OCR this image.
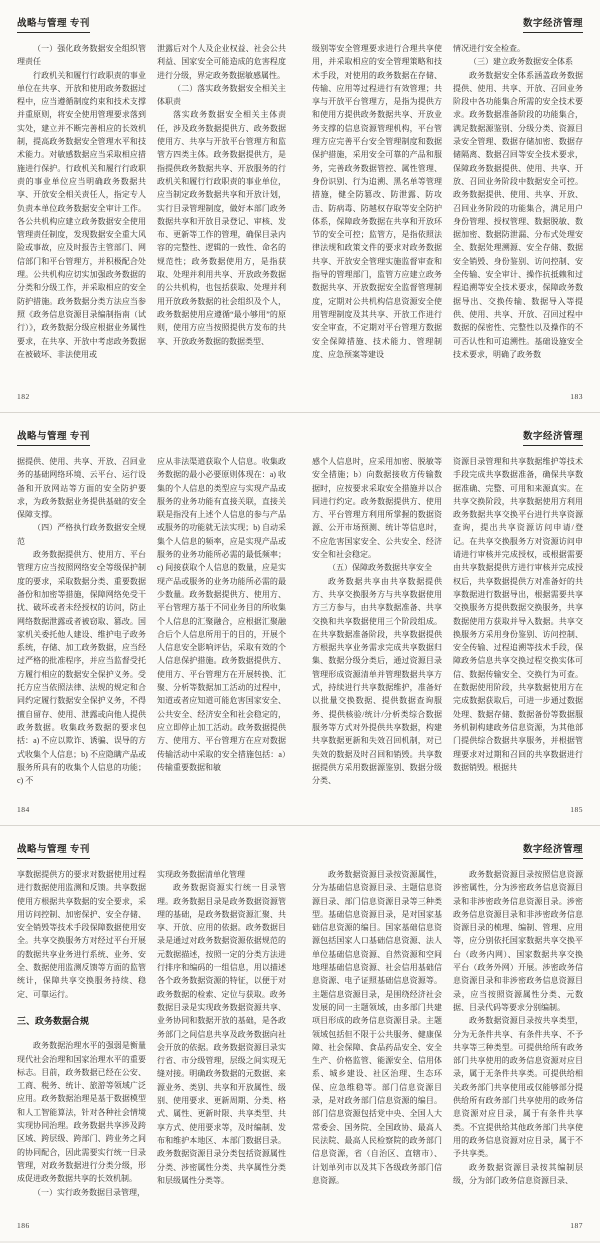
战略与管理 专刊

（一）强化政务数据安全组织管理责任

行政机关和履行行政职责的事业单位在共享、开放和使用政务数据过程中，应当遵循制度约束和技术支撑并重原则，将安全使用管理要求落到实处，建立并不断完善相应的长效机制，提高政务数据安全管理水平和技术能力。对敏感数据应当采取相应措施进行保护。行政机关和履行行政职责的事业单位应当明确政务数据共享、开放安全相关责任人，指定专人负责本单位政务数据安全审计工作。各公共机构应建立政务数据安全使用管理责任制度，发现数据安全重大风险或事故，应及时报告主管部门、网信部门和平台管理方，并积极配合处理。公共机构应切实加强政务数据的分类和分级工作，并采取相应的安全防护措施。政务数据分类方法应当参照《政务信息资源目录编制指南（试行）》，政务数据分级应根据业务属性要求，在共享、开放中考虑政务数据在被破坏、非法使用或

泄露后对个人及企业权益、社会公共利益、国家安全可能造成的危害程度进行分级，界定政务数据敏感属性。

（二）落实政务数据安全相关主体职责

落实政务数据安全相关主体责任，涉及政务数据提供方、政务数据使用方、共享与开放平台管理方和监管方四类主体。政务数据提供方，是指提供政务数据共享、开放服务的行政机关和履行行政职责的事业单位，应当制定政务数据共享和开放计划，实行目录管理制度，做好本部门政务数据共享和开放目录登记、审核、发布、更新等工作的管理，确保目录内容的完整性、逻辑的一致性、命名的规范性；政务数据使用方，是指获取、处理并利用共享、开放政务数据的公共机构，也包括获取、处理并利用开放政务数据的社会组织及个人，政务数据使用应遵循“最小够用”的原则，使用方应当按照提供方发布的共享、开放政务数据的数据类型、

182
数字经济管理

级别等安全管理要求进行合理共享使用，并采取相应的安全管理策略和技术手段，对使用的政务数据在存储、传输、应用等过程进行有效管理；共享与开放平台管理方，是指为提供方和使用方提供政务数据共享、开放业务支撑的信息资源管理机构，平台管理方应完善平台安全管理制度和数据保护措施，采用安全可靠的产品和服务，完善政务数据管控、属性管理、身份识别、行为追溯、黑名单等管理措施，健全防篡改、防泄露、防攻击、防病毒、防越权存取等安全防护体系，保障政务数据在共享和开放环节的安全可控；监管方，是指依照法律法规和政策文件的要求对政务数据共享、开放安全管理实施监督审查和指导的管理部门，监管方应建立政务数据共享、开放数据安全监督管理制度，定期对公共机构信息资源安全使用管理制度及其共享、开放工作进行安全审查，不定期对平台管理方数据安全保障措施、技术能力、管理制度、应急预案等建设

情况进行安全检查。

（三）建立政务数据安全体系

政务数据安全体系涵盖政务数据提供、使用、共享、开放、召回业务阶段中各功能集合所需的安全技术要求。政务数据准备阶段的功能集合，满足数据源鉴别、分级分类、资源目录安全管理、数据存储加密、数据存储隔离、数据召回等安全技术要求，保障政务数据提供、使用、共享、开放、召回业务阶段中数据安全可控。政务数据提供、使用、共享、开放、召回业务阶段的功能集合，满足用户身份管理、授权管理、数据脱敏、数据加密、数据防泄漏、分布式处理安全、数据处理溯源、安全存储、数据安全销毁、身份鉴别、访问控制、安全传输、安全审计、操作抗抵赖和过程追溯等安全技术要求，保障政务数据导出、交换传输、数据导入等提供、使用、共享、开放、召回过程中数据的保密性、完整性以及操作的不可否认性和可追溯性。基础设施安全技术要求，明确了政务数

183
战略与管理 专刊

据提供、使用、共享、开放、召回业务的基础网络环境、云平台、运行设备和开放网站等方面的安全防护要求，为政务数据业务提供基础的安全保障支撑。

（四）严格执行政务数据安全规范

政务数据提供方、使用方、平台管理方应当按照网络安全等级保护制度的要求，采取数据分类、重要数据备份和加密等措施，保障网络免受干扰、破坏或者未经授权的访问，防止网络数据泄露或者被窃取、篡改。国家机关委托他人建设、维护电子政务系统，存储、加工政务数据，应当经过严格的批准程序，并应当监督受托方履行相应的数据安全保护义务。受托方应当依照法律、法规的规定和合同约定履行数据安全保护义务，不得擅自留存、使用、泄露或向他人提供政务数据。收集政务数据的要求包括：a) 不应以欺诈、诱骗、误导的方式收集个人信息；b) 不应隐瞒产品或服务所具有的收集个人信息的功能；c) 不

应从非法渠道获取个人信息。收集政务数据的最小必要原则体现在：a) 收集的个人信息的类型应与实现产品或服务的业务功能有直接关联，直接关联是指没有上述个人信息的参与产品或服务的功能就无法实现；b) 自动采集个人信息的频率，应是实现产品或服务的业务功能所必需的最低频率；c) 间接获取个人信息的数量，应是实现产品或服务的业务功能所必需的最少数量。政务数据提供方、使用方、平台管理方基于不同业务目的所收集个人信息的汇聚融合，应根据汇聚融合后个人信息所用于的目的，开展个人信息安全影响评估，采取有效的个人信息保护措施。政务数据提供方、使用方、平台管理方在开展转换、汇聚、分析等数据加工活动的过程中，知道或者应知道可能危害国家安全、公共安全、经济安全和社会稳定的，应立即停止加工活动。政务数据提供方、使用方、平台管理方在应对数据传输活动中采取的安全措施包括：a）传输重要数据和敏

184
数字经济管理

感个人信息时，应采用加密、脱敏等安全措施；b）向数据接收方传输数据时，应按要求采取安全措施并以合同进行约定。政务数据提供方、使用方、平台管理方利用所掌握的数据资源、公开市场预测、统计等信息时，不应危害国家安全、公共安全、经济安全和社会稳定。

（五）保障政务数据共享安全

政务数据共享由共享数据提供方、共享交换服务方与共享数据使用方三方参与，由共享数据准备、共享交换和共享数据使用三个阶段组成。在共享数据准备阶段，共享数据提供方根据共享业务需求完成共享数据归集、数据分级分类后，通过资源目录管理形成资源清单并管理数据共享方式，持续进行共享数据维护，准备好以批量交换数据、提供数据查询服务、提供核验/统计/分析类综合数据服务等方式对外提供共享数据，构建共享数据更新和失效召回机制，对已失效的数据及时召回和销毁。共享数据提供方采用数据源鉴别、数据分级分类、

资源目录管理和共享数据维护等技术手段完成共享数据准备，确保共享数据准确、完整、可用和来源真实。在共享交换阶段，共享数据使用方利用政务数据共享交换平台进行共享资源查询，提出共享资源访问申请/登记。在共享交换服务方对资源访问申请进行审核并完成授权，或根据需要由共享数据提供方进行审核并完成授权后，共享数据提供方对准备好的共享数据进行数据导出，根据需要共享交换服务方提供数据交换服务，共享数据使用方获取并导入数据。共享交换服务方采用身份鉴别、访问控制、安全传输、过程追溯等技术手段，保障政务信息共享交换过程交换实体可信、数据传输安全、交换行为可查。在数据使用阶段，共享数据使用方在完成数据获取后，可进一步通过数据处理、数据存储、数据备份等数据服务机制构建政务信息资源，为其他部门提供综合数据共享服务，并根据管理要求对过期和召回的共享数据进行数据销毁。根据共

185
战略与管理 专刊

享数据提供方的要求对数据使用过程进行数据使用监测和反馈。共享数据使用方根据共享数据的安全要求，采用访问控制、加密保护、安全存储、安全销毁等技术手段保障数据使用安全。共享交换服务方对经过平台开展的数据共享业务进行系统、业务、安全、数据使用监测反馈等方面的监管统计，保障共享交换服务持续、稳定、可靠运行。

三、政务数据合规

政务数据治理水平的强弱是衡量现代社会治理和国家治理水平的重要标志。目前，政务数据已经在公安、工商、税务、统计、旅游等领域广泛应用。政务数据治理是基于数据模型和人工智能算法，针对各种社会情境实现协同治理。政务数据共享涉及跨区域、跨层级、跨部门、跨业务之间的协同配合，因此需要实行统一目录管理，对政务数据进行分类分级，形成促进政务数据共享的长效机制。

（一）实行政务数据目录管理，

实现政务数据清单化管理

政务数据资源实行统一目录管理。政务数据目录是政务数据资源管理的基础，是政务数据资源汇聚、共享、开放、应用的依据。政务数据目录是通过对政务数据资源依据规范的元数据描述，按照一定的分类方法进行排序和编码的一组信息，用以描述各个政务数据资源的特征，以便于对政务数据的检索、定位与获取。政务数据目录是实现政务数据资源共享、业务协同和数据开放的基础，是各政务部门之间信息共享及政务数据向社会开放的依据。政务数据资源目录实行省、市分级管理，层级之间实现无缝对接。明确政务数据的元数据、来源业务、类别、共享和开放属性、级别、使用要求、更新周期、分类、格式、属性、更新时限、共享类型、共享方式、使用要求等，及时编制、发布和维护本地区、本部门数据目录。政务数据资源目录分类包括资源属性分类、涉密属性分类、共享属性分类和层级属性分类等。

186
数字经济管理

政务数据资源目录按资源属性，分为基础信息资源目录、主题信息资源目录、部门信息资源目录等三种类型。基础信息资源目录，是对国家基础信息资源的编目。国家基础信息资源包括国家人口基础信息资源、法人单位基础信息资源、自然资源和空间地理基础信息资源、社会信用基础信息资源、电子证照基础信息资源等。主题信息资源目录，是围绕经济社会发展的同一主题领域，由多部门共建项目形成的政务信息资源目录。主题领域包括但不限于公共服务、健康保障、社会保障、食品药品安全、安全生产、价格监管、能源安全、信用体系、城乡建设、社区治理、生态环保、应急维稳等。部门信息资源目录，是对政务部门信息资源的编目。部门信息资源包括党中央、全国人大常委会、国务院、全国政协、最高人民法院、最高人民检察院的政务部门信息资源，省（自治区、直辖市）、计划单列市以及其下各级政务部门信息资源。

政务数据资源目录按照信息资源涉密属性，分为涉密政务信息资源目录和非涉密政务信息资源目录。涉密政务信息资源目录和非涉密政务信息资源目录的梳理、编制、管理、应用等，应分别依托国家数据共享交换平台（政务内网）、国家数据共享交换平台（政务外网）开展。涉密政务信息资源目录和非涉密政务信息资源目录，应当按照资源属性分类、元数据、目录代码等要求分别编制。

政务数据资源目录按共享类型，分为无条件共享、有条件共享、不予共享等三种类型。可提供给所有政务部门共享使用的政务信息资源对应目录，属于无条件共享类。可提供给相关政务部门共享使用或仅能够部分提供给所有政务部门共享使用的政务信息资源对应目录，属于有条件共享类。不宜提供给其他政务部门共享使用的政务信息资源对应目录，属于不予共享类。

政务数据资源目录按其编制层级，分为部门政务信息资源目录、

187
